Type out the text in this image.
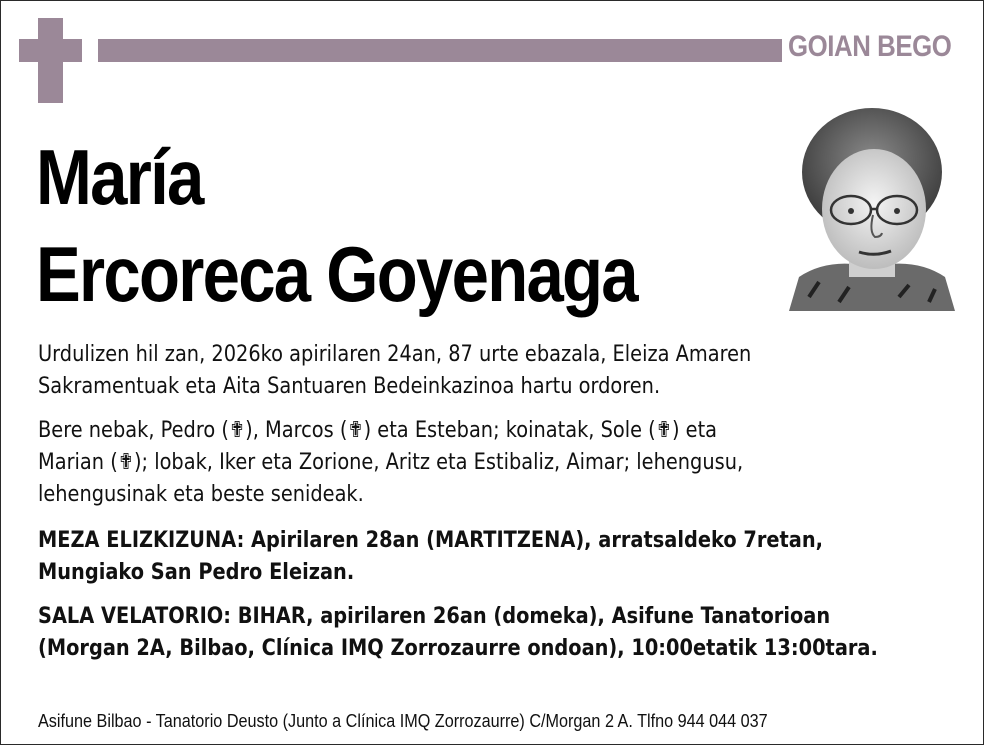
GOIAN BEGO
María
Ercoreca Goyenaga

Urdulizen hil zan, 2026ko apirilaren 24an, 87 urte ebazala, Eleiza Amaren

Sakramentuak eta Aita Santuaren Bedeinkazinoa hartu ordoren.

Bere nebak, Pedro (✟), Marcos (✟) eta Esteban; koinatak, Sole (✟) eta

Marian (✟); lobak, Iker eta Zorione, Aritz eta Estibaliz, Aimar; lehengusu,

lehengusinak eta beste senideak.

MEZA ELIZKIZUNA: Apirilaren 28an (MARTITZENA), arratsaldeko 7retan,

Mungiako San Pedro Eleizan.

SALA VELATORIO: BIHAR, apirilaren 26an (domeka), Asifune Tanatorioan

(Morgan 2A, Bilbao, Clínica IMQ Zorrozaurre ondoan), 10:00etatik 13:00tara.

Asifune Bilbao - Tanatorio Deusto (Junto a Clínica IMQ Zorrozaurre) C/Morgan 2 A. Tlfno 944 044 037
